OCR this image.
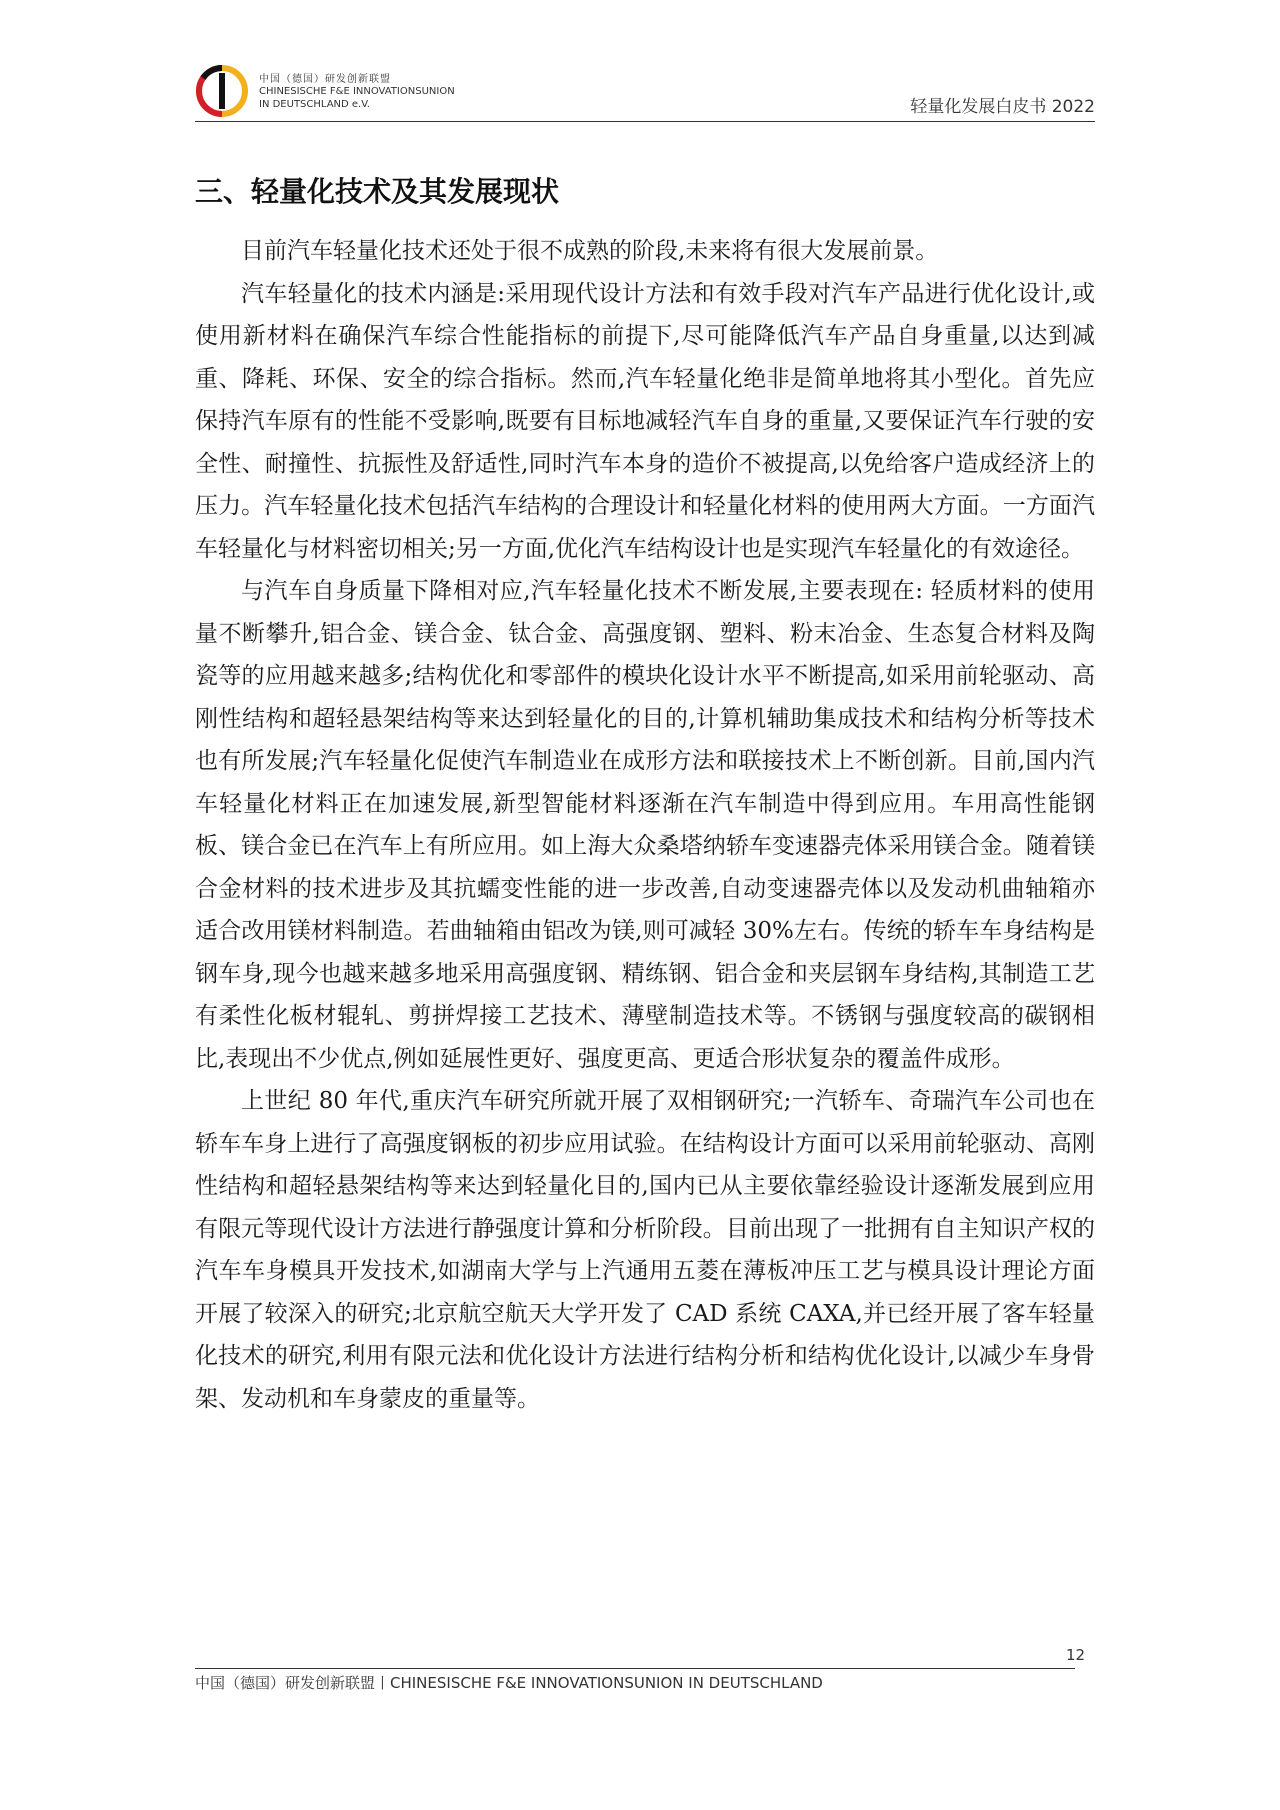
中国（德国）研发创新联盟
CHINESISCHE F&E INNOVATIONSUNION
IN DEUTSCHLAND e.V.	轻量化发展白皮书 2022
三、轻量化技术及其发展现状

目前汽车轻量化技术还处于很不成熟的阶段,未来将有很大发展前景。

汽车轻量化的技术内涵是:采用现代设计方法和有效手段对汽车产品进行优化设计,或使用新材料在确保汽车综合性能指标的前提下,尽可能降低汽车产品自身重量,以达到减重、降耗、环保、安全的综合指标。然而,汽车轻量化绝非是简单地将其小型化。首先应保持汽车原有的性能不受影响,既要有目标地减轻汽车自身的重量,又要保证汽车行驶的安全性、耐撞性、抗振性及舒适性,同时汽车本身的造价不被提高,以免给客户造成经济上的压力。汽车轻量化技术包括汽车结构的合理设计和轻量化材料的使用两大方面。一方面汽车轻量化与材料密切相关;另一方面,优化汽车结构设计也是实现汽车轻量化的有效途径。

与汽车自身质量下降相对应,汽车轻量化技术不断发展,主要表现在: 轻质材料的使用量不断攀升,铝合金、镁合金、钛合金、高强度钢、塑料、粉末冶金、生态复合材料及陶瓷等的应用越来越多;结构优化和零部件的模块化设计水平不断提高,如采用前轮驱动、高刚性结构和超轻悬架结构等来达到轻量化的目的,计算机辅助集成技术和结构分析等技术也有所发展;汽车轻量化促使汽车制造业在成形方法和联接技术上不断创新。目前,国内汽车轻量化材料正在加速发展,新型智能材料逐渐在汽车制造中得到应用。车用高性能钢板、镁合金已在汽车上有所应用。如上海大众桑塔纳轿车变速器壳体采用镁合金。随着镁合金材料的技术进步及其抗蠕变性能的进一步改善,自动变速器壳体以及发动机曲轴箱亦适合改用镁材料制造。若曲轴箱由铝改为镁,则可减轻 30%左右。传统的轿车车身结构是钢车身,现今也越来越多地采用高强度钢、精练钢、铝合金和夹层钢车身结构,其制造工艺有柔性化板材辊轧、剪拼焊接工艺技术、薄壁制造技术等。不锈钢与强度较高的碳钢相比,表现出不少优点,例如延展性更好、强度更高、更适合形状复杂的覆盖件成形。

上世纪 80 年代,重庆汽车研究所就开展了双相钢研究;一汽轿车、奇瑞汽车公司也在轿车车身上进行了高强度钢板的初步应用试验。在结构设计方面可以采用前轮驱动、高刚性结构和超轻悬架结构等来达到轻量化目的,国内已从主要依靠经验设计逐渐发展到应用有限元等现代设计方法进行静强度计算和分析阶段。目前出现了一批拥有自主知识产权的汽车车身模具开发技术,如湖南大学与上汽通用五菱在薄板冲压工艺与模具设计理论方面开展了较深入的研究;北京航空航天大学开发了 CAD 系统 CAXA,并已经开展了客车轻量化技术的研究,利用有限元法和优化设计方法进行结构分析和结构优化设计,以减少车身骨架、发动机和车身蒙皮的重量等。

12
中国（德国）研发创新联盟丨CHINESISCHE F&E INNOVATIONSUNION IN DEUTSCHLAND
